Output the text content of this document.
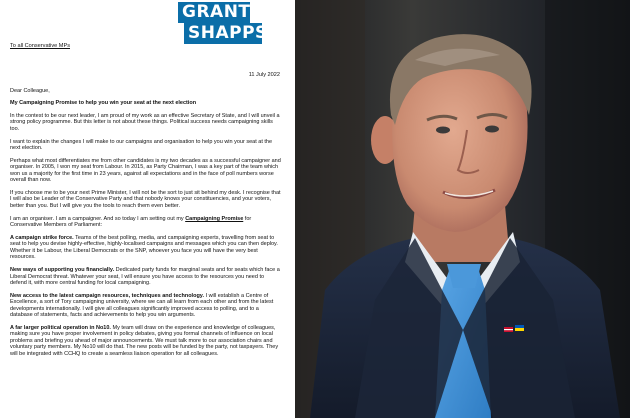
GRANT
SHAPPS
To all Conservative MPs
11 July 2022

Dear Colleague,

My Campaigning Promise to help you win your seat at the next election

In the contest to be our next leader, I am proud of my work as an effective Secretary of State, and I will unveil a strong policy programme. But this letter is not about these things. Political success needs campaigning skills too.

I want to explain the changes I will make to our campaigns and organisation to help you win your seat at the next election.

Perhaps what most differentiates me from other candidates is my two decades as a successful campaigner and organiser. In 2005, I won my seat from Labour. In 2015, as Party Chairman, I was a key part of the team which won us a majority for the first time in 23 years, against all expectations and in the face of poll numbers worse overall than now.

If you choose me to be your next Prime Minister, I will not be the sort to just sit behind my desk. I recognise that I will also be Leader of the Conservative Party and that nobody knows your constituencies, and your voters, better than you. But I will give you the tools to reach them even better.

I am an organiser. I am a campaigner. And so today I am setting out my Campaigning Promise for Conservative Members of Parliament:

A campaign strike force. Teams of the best polling, media, and campaigning experts, travelling from seat to seat to help you devise highly-effective, highly-localised campaigns and messages which you can then deploy. Whether it be Labour, the Liberal Democrats or the SNP, whoever you face you will have the very best resources.

New ways of supporting you financially. Dedicated party funds for marginal seats and for seats which face a Liberal Democrat threat. Whatever your seat, I will ensure you have access to the resources you need to defend it, with more central funding for local campaigning.

New access to the latest campaign resources, techniques and technology. I will establish a Centre of Excellence, a sort of Tory campaigning university, where we can all learn from each other and from the latest developments internationally. I will give all colleagues significantly improved access to polling, and to a database of statements, facts and achievements to help you win arguments.

A far larger political operation in No10. My team will draw on the experience and knowledge of colleagues, making sure you have proper involvement in policy debates, giving you formal channels of influence on local problems and briefing you ahead of major announcements. We must talk more to our association chairs and voluntary party members. My No10 will do that. The new posts will be funded by the party, not taxpayers. They will be integrated with CCHQ to create a seamless liaison operation for all colleagues.
